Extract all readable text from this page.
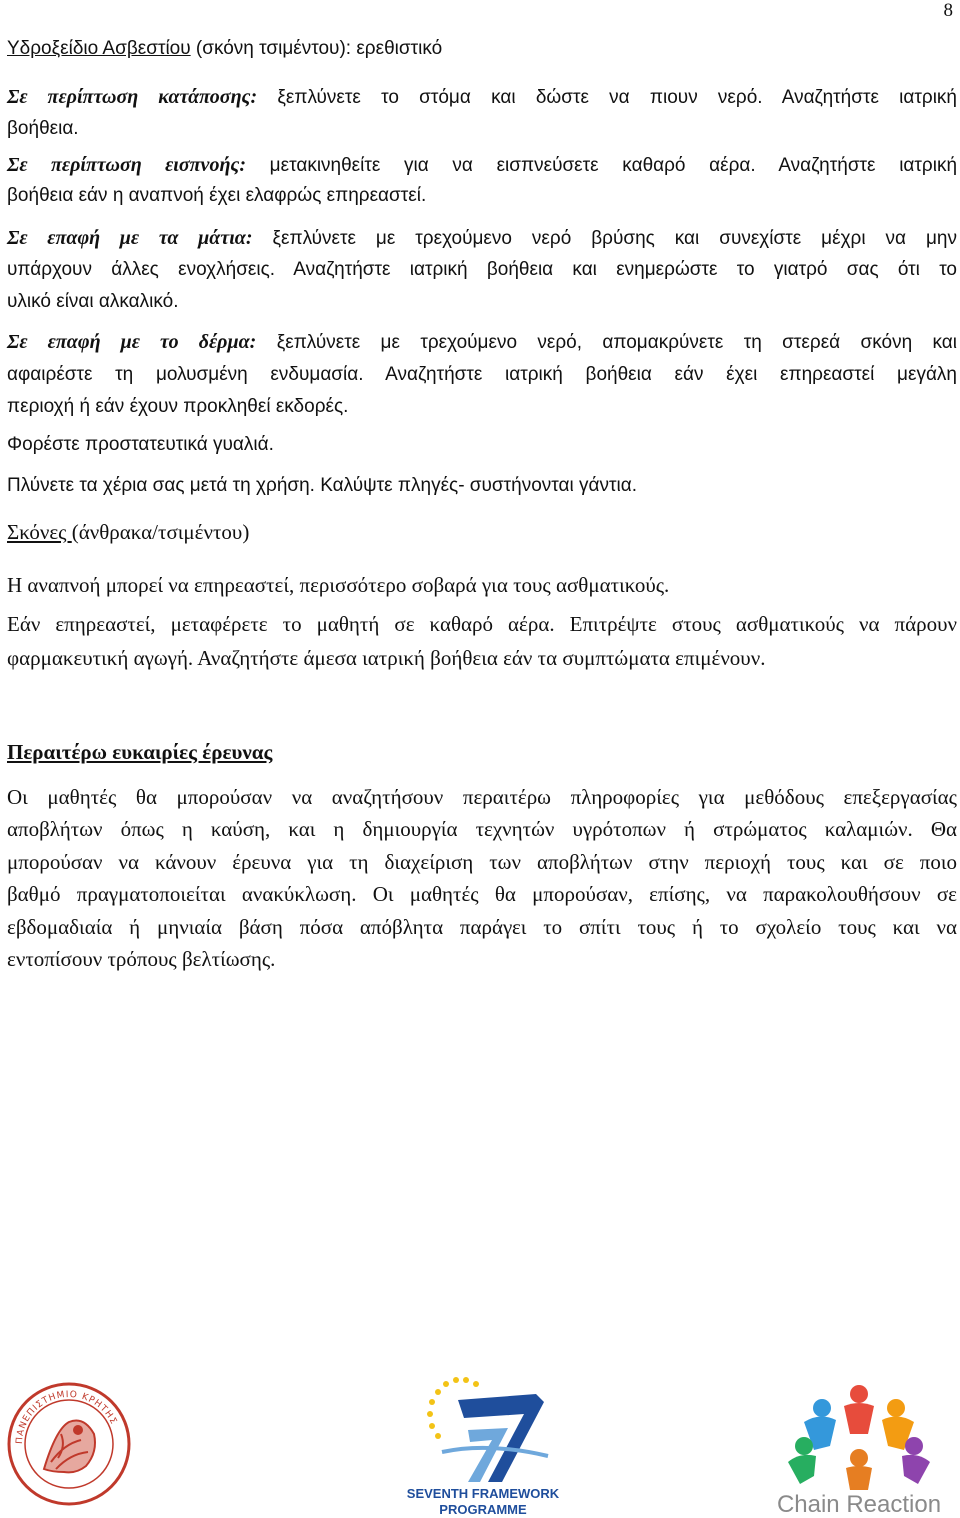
8
Υδροξείδιο Ασβεστίου (σκόνη τσιμέντου): ερεθιστικό
Σε περίπτωση κατάποσης: ξεπλύνετε το στόμα και δώστε να πιουν νερό. Αναζητήστε ιατρική
βοήθεια.
Σε περίπτωση εισπνοής: μετακινηθείτε για να εισπνεύσετε καθαρό αέρα. Αναζητήστε ιατρική
βοήθεια εάν η αναπνοή έχει ελαφρώς επηρεαστεί.
Σε επαφή με τα μάτια: ξεπλύνετε με τρεχούμενο νερό βρύσης και συνεχίστε μέχρι να μην
υπάρχουν άλλες ενοχλήσεις. Αναζητήστε ιατρική βοήθεια και ενημερώστε το γιατρό σας ότι το
υλικό είναι αλκαλικό.
Σε επαφή με το δέρμα: ξεπλύνετε με τρεχούμενο νερό, απομακρύνετε τη στερεά σκόνη και
αφαιρέστε τη μολυσμένη ενδυμασία. Αναζητήστε ιατρική βοήθεια εάν έχει επηρεαστεί μεγάλη
περιοχή ή εάν έχουν προκληθεί εκδορές.
Φορέστε προστατευτικά γυαλιά.
Πλύνετε τα χέρια σας μετά τη χρήση. Καλύψτε πληγές- συστήνονται γάντια.
Σκόνες (άνθρακα/τσιμέντου)
Η αναπνοή μπορεί να επηρεαστεί, περισσότερο σοβαρά για τους ασθματικούς.
Εάν επηρεαστεί, μεταφέρετε το μαθητή σε καθαρό αέρα. Επιτρέψτε στους ασθματικούς να πάρουν
φαρμακευτική αγωγή. Αναζητήστε άμεσα ιατρική βοήθεια εάν τα συμπτώματα επιμένουν.
Περαιτέρω ευκαιρίες έρευνας
Οι μαθητές θα μπορούσαν να αναζητήσουν περαιτέρω πληροφορίες για μεθόδους επεξεργασίας
αποβλήτων όπως η καύση, και η δημιουργία τεχνητών υγρότοπων ή στρώματος καλαμιών. Θα
μπορούσαν να κάνουν έρευνα για τη διαχείριση των αποβλήτων στην περιοχή τους και σε ποιο
βαθμό πραγματοποιείται ανακύκλωση. Οι μαθητές θα μπορούσαν, επίσης, να παρακολουθήσουν σε
εβδομαδιαία ή μηνιαία βάση πόσα απόβλητα παράγει το σπίτι τους ή το σχολείο τους και να
εντοπίσουν τρόπους βελτίωσης.
ΠΑΝΕΠΙΣΤΗΜΙΟ ΚΡΗΤΗΣ
SEVENTH FRAMEWORK
PROGRAMME	Chain Reaction
